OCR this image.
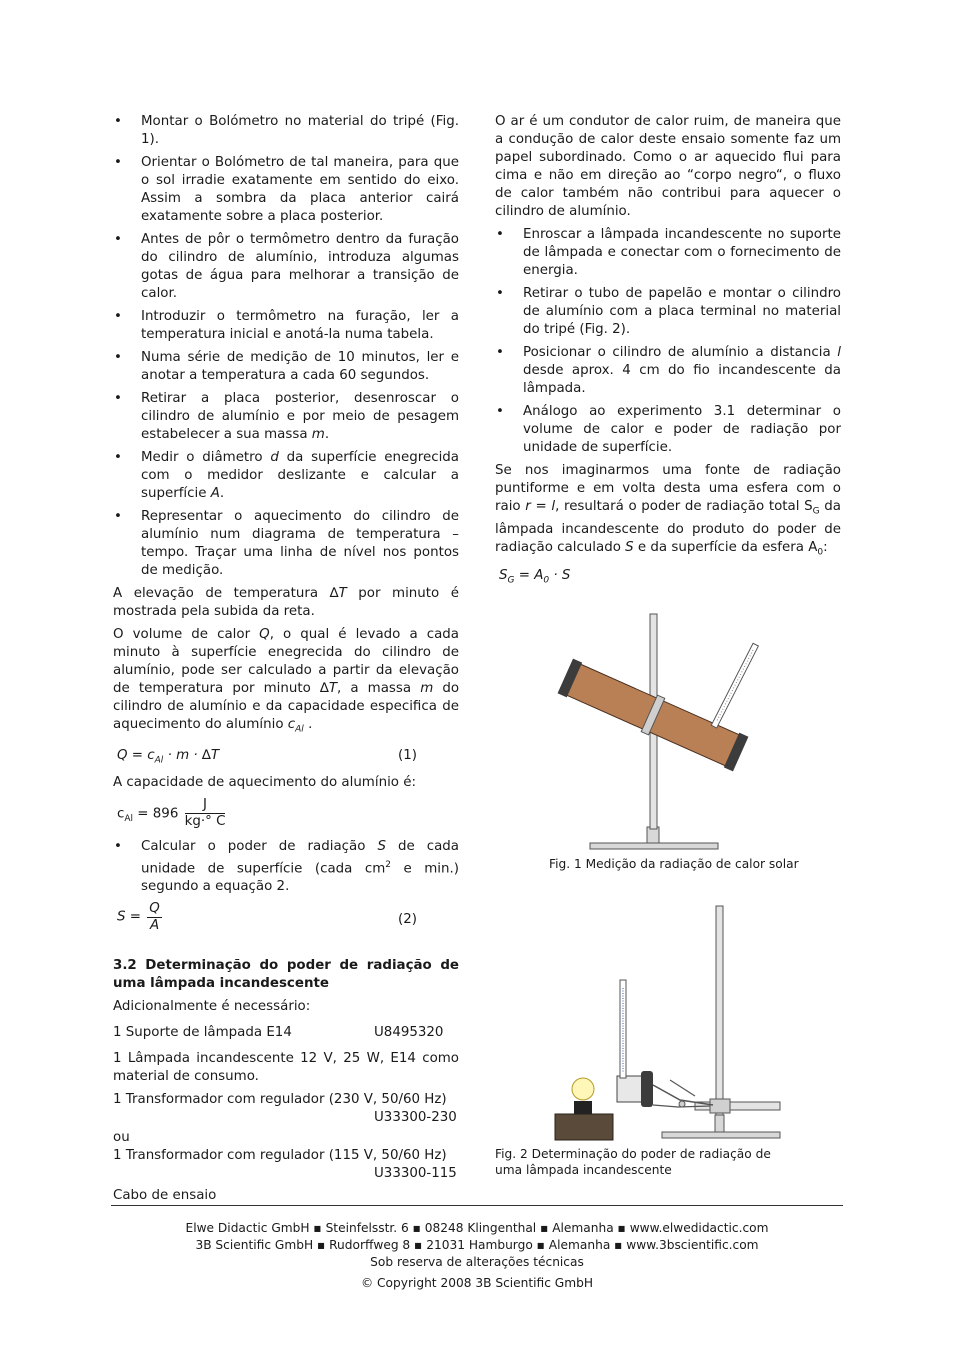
• Montar o Bolómetro no material do tripé (Fig. 1).
• Orientar o Bolómetro de tal maneira, para que o sol irradie exatamente em sentido do eixo. Assim a sombra da placa anterior cairá exatamente sobre a placa posterior.
• Antes de pôr o termômetro dentro da furação do cilindro de alumínio, introduza algumas gotas de água para melhorar a transição de calor.
• Introduzir o termômetro na furação, ler a temperatura inicial e anotá-la numa tabela.
• Numa série de medição de 10 minutos, ler e anotar a temperatura a cada 60 segundos.
• Retirar a placa posterior, desenroscar o cilindro de alumínio e por meio de pesagem estabelecer a sua massa m.
• Medir o diâmetro d da superfície enegrecida com o medidor deslizante e calcular a superfície A.
• Representar o aquecimento do cilindro de alumínio num diagrama de temperatura – tempo. Traçar uma linha de nível nos pontos de medição.

A elevação de temperatura ∆T por minuto é mostrada pela subida da reta.

O volume de calor Q, o qual é levado a cada minuto à superfície enegrecida do cilindro de alumínio, pode ser calculado a partir da elevação de temperatura por minuto ∆T, a massa m do cilindro de alumínio e da capacidade especifica de aquecimento do alumínio $c_{Al}$ .

$Q = c_{Al} \cdot m \cdot \Delta T$	(1)

A capacidade de aquecimento do alumínio é:

$c_{Al} = 896 \frac{J}{kg\cdot^\circ C}$
• Calcular o poder de radiação S de cada unidade de superfície (cada $cm^2$ e min.) segundo a equação 2.
$S = \frac{Q}{A}$	(2)

3.2 Determinação do poder de radiação de uma lâmpada incandescente

Adicionalmente é necessário:

1 Suporte de lâmpada E14	U8495320

1 Lâmpada incandescente 12 V, 25 W, E14 como material de consumo.

1 Transformador com regulador (230 V, 50/60 Hz)

U33300-230

ou

1 Transformador com regulador (115 V, 50/60 Hz)

U33300-115

Cabo de ensaio

O ar é um condutor de calor ruim, de maneira que a condução de calor deste ensaio somente faz um papel subordinado. Como o ar aquecido flui para cima e não em direção ao “corpo negro“, o fluxo de calor também não contribui para aquecer o cilindro de alumínio.

• Enroscar a lâmpada incandescente no suporte de lâmpada e conectar com o fornecimento de energia.
• Retirar o tubo de papelão e montar o cilindro de alumínio com a placa terminal no material do tripé (Fig. 2).
• Posicionar o cilindro de alumínio a distancia l desde aprox. 4 cm do fio incandescente da lâmpada.
• Análogo ao experimento 3.1 determinar o volume de calor e poder de radiação por unidade de superfície.

Se nos imaginarmos uma fonte de radiação puntiforme e em volta desta uma esfera com o raio r = l, resultará o poder de radiação total $S_G$ da lâmpada incandescente do produto do poder de radiação calculado S e da superfície da esfera $A_0$:

$S_G = A_0 \cdot S$
Fig. 1 Medição da radiação de calor solar
Fig. 2 Determinação do poder de radiação de uma lâmpada incandescente
Elwe Didactic GmbH ▪ Steinfelsstr. 6 ▪ 08248 Klingenthal ▪ Alemanha ▪ www.elwedidactic.com
3B Scientific GmbH ▪ Rudorffweg 8 ▪ 21031 Hamburgo ▪ Alemanha ▪ www.3bscientific.com
Sob reserva de alterações técnicas
© Copyright 2008 3B Scientific GmbH
